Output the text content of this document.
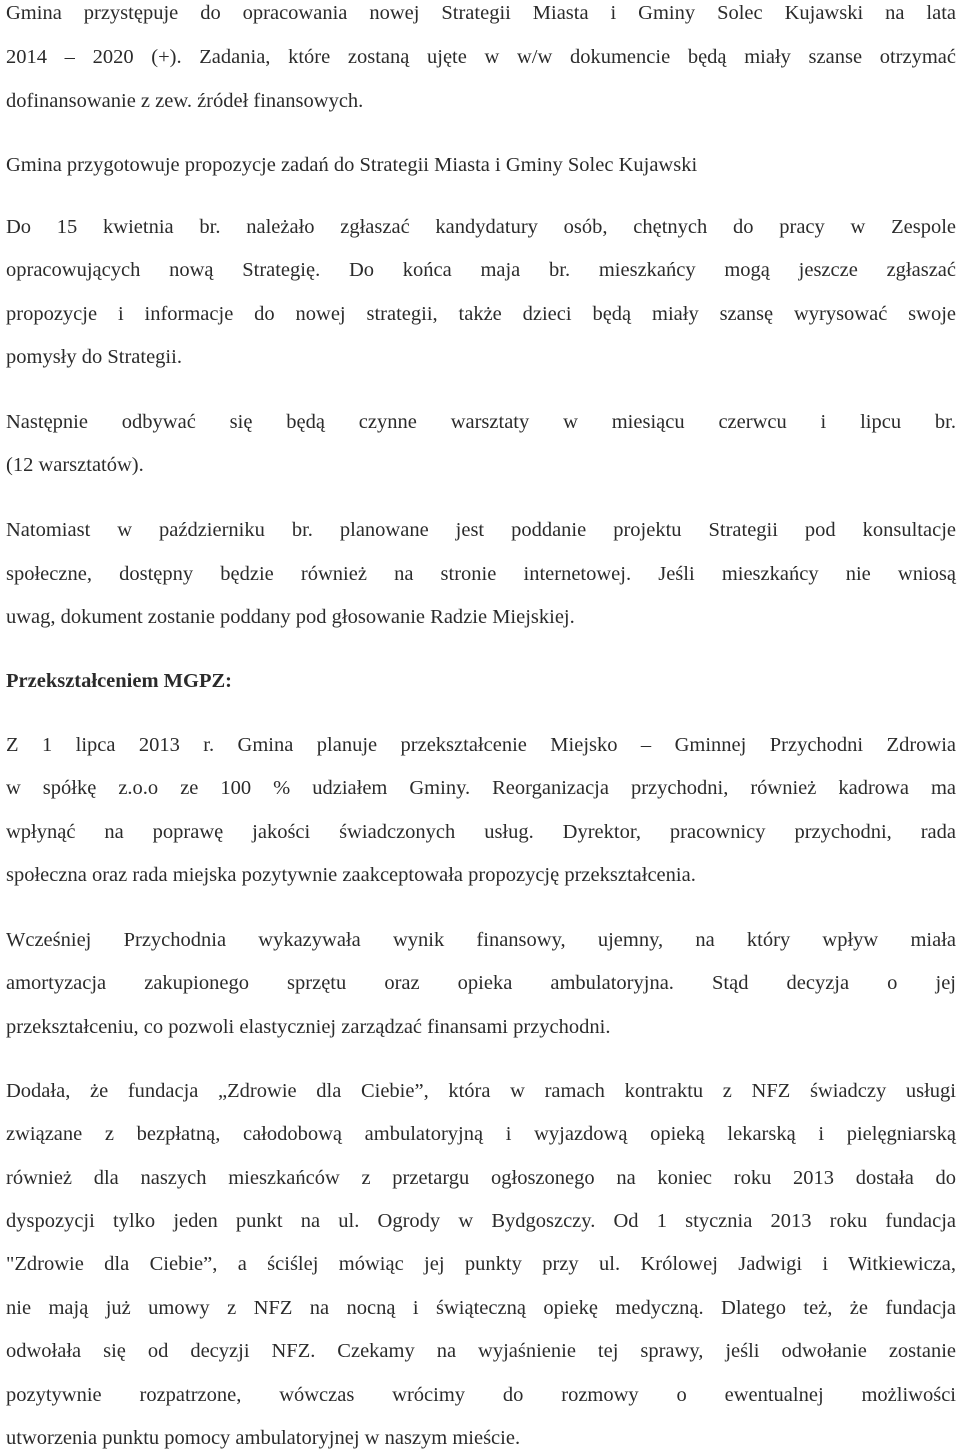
Gmina przystępuje do opracowania nowej Strategii Miasta i Gminy Solec Kujawski na lata
2014 – 2020 (+). Zadania, które zostaną ujęte w w/w dokumencie będą miały szanse otrzymać
dofinansowanie z zew. źródeł finansowych.
Gmina przygotowuje propozycje zadań do Strategii Miasta i Gminy Solec Kujawski
Do 15 kwietnia br. należało zgłaszać kandydatury osób, chętnych do pracy w Zespole
opracowujących nową Strategię. Do końca maja br. mieszkańcy mogą jeszcze zgłaszać
propozycje i informacje do nowej strategii, także dzieci będą miały szansę wyrysować swoje
pomysły do Strategii.
Następnie odbywać się będą czynne warsztaty w miesiącu czerwcu i lipcu br.
(12 warsztatów).
Natomiast w październiku br. planowane jest poddanie projektu Strategii pod konsultacje
społeczne, dostępny będzie również na stronie internetowej. Jeśli mieszkańcy nie wniosą
uwag, dokument zostanie poddany pod głosowanie Radzie Miejskiej.
Przekształceniem MGPZ:
Z 1 lipca 2013 r. Gmina planuje przekształcenie Miejsko – Gminnej Przychodni Zdrowia
w spółkę z.o.o ze 100 % udziałem Gminy. Reorganizacja przychodni, również kadrowa ma
wpłynąć na poprawę jakości świadczonych usług. Dyrektor, pracownicy przychodni, rada
społeczna oraz rada miejska pozytywnie zaakceptowała propozycję przekształcenia.
Wcześniej Przychodnia wykazywała wynik finansowy, ujemny, na który wpływ miała
amortyzacja zakupionego sprzętu oraz opieka ambulatoryjna. Stąd decyzja o jej
przekształceniu, co pozwoli elastyczniej zarządzać finansami przychodni.
Dodała, że fundacja „Zdrowie dla Ciebie”, która w ramach kontraktu z NFZ świadczy usługi
związane z bezpłatną, całodobową ambulatoryjną i wyjazdową opieką lekarską i pielęgniarską
również dla naszych mieszkańców z przetargu ogłoszonego na koniec roku 2013 dostała do
dyspozycji tylko jeden punkt na ul. Ogrody w Bydgoszczy. Od 1 stycznia 2013 roku fundacja
"Zdrowie dla Ciebie”, a ściślej mówiąc jej punkty przy ul. Królowej Jadwigi i Witkiewicza,
nie mają już umowy z NFZ na nocną i świąteczną opiekę medyczną. Dlatego też, że fundacja
odwołała się od decyzji NFZ. Czekamy na wyjaśnienie tej sprawy, jeśli odwołanie zostanie
pozytywnie rozpatrzone, wówczas wrócimy do rozmowy o ewentualnej możliwości
utworzenia punktu pomocy ambulatoryjnej w naszym mieście.
